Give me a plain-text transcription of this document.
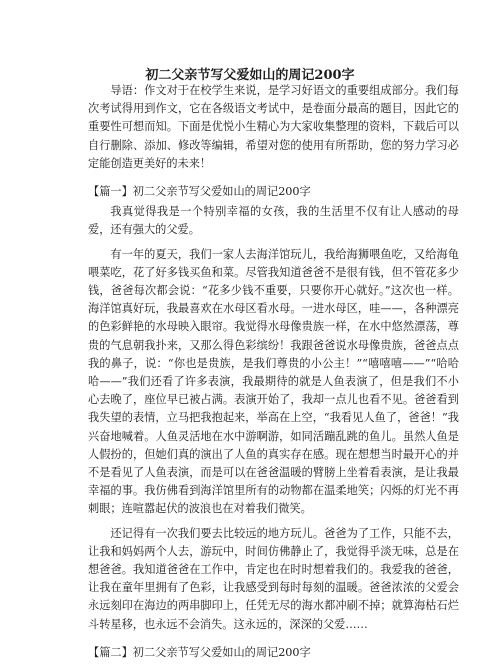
初二父亲节写父爱如山的周记200字

导语：作文对于在校学生来说，是学习好语文的重要组成部分。我们每次考试得用到作文，它在各级语文考试中，是卷面分最高的题目，因此它的重要性可想而知。下面是优悦小生精心为大家收集整理的资料，下载后可以自行删除、添加、修改等编辑，希望对您的使用有所帮助，您的努力学习必定能创造更美好的未来！

【篇一】初二父亲节写父爱如山的周记200字

我真觉得我是一个特别幸福的女孩，我的生活里不仅有让人感动的母爱，还有强大的父爱。

有一年的夏天，我们一家人去海洋馆玩儿，我给海狮喂鱼吃，又给海龟喂菜吃，花了好多钱买鱼和菜。尽管我知道爸爸不是很有钱，但不管花多少钱，爸爸每次都会说：“花多少钱不重要，只要你开心就好。”这次也一样。海洋馆真好玩，我最喜欢在水母区看水母。一进水母区，哇——，各种漂亮的色彩鲜艳的水母映入眼帘。我觉得水母像贵族一样，在水中悠然漂荡，尊贵的气息朝我扑来，又那么得色彩缤纷！我跟爸爸说水母像贵族，爸爸点点我的鼻子，说：“你也是贵族，是我们尊贵的小公主！”“嘻嘻嘻——”“哈哈哈——”我们还看了许多表演，我最期待的就是人鱼表演了，但是我们不小心去晚了，座位早已被占满。表演开始了，我却一点儿也看不见。爸爸看到我失望的表情，立马把我抱起来，举高在上空，“我看见人鱼了，爸爸！”我兴奋地喊着。人鱼灵活地在水中游啊游，如同活蹦乱跳的鱼儿。虽然人鱼是人假扮的，但她们真的演出了人鱼的真实存在感。现在想想当时最开心的并不是看见了人鱼表演，而是可以在爸爸温暖的臂膀上坐着看表演，是让我最幸福的事。我仿佛看到海洋馆里所有的动物都在温柔地笑；闪烁的灯光不再刺眼；连喧嚣起伏的波浪也在对着我们微笑。

还记得有一次我们要去比较远的地方玩儿。爸爸为了工作，只能不去，让我和妈妈两个人去，游玩中，时间仿佛静止了，我觉得乎淡无味，总是在想爸爸。我知道爸爸在工作中，肯定也在时时想着我们的。我爱我的爸爸，让我在童年里拥有了色彩，让我感受到每时每刻的温暖。爸爸浓浓的父爱会永远刻印在海边的两串脚印上，任凭无尽的海水都冲刷不掉；就算海枯石烂斗转星移，也永远不会消失。这永远的，深深的父爱……

【篇二】初二父亲节写父爱如山的周记200字
